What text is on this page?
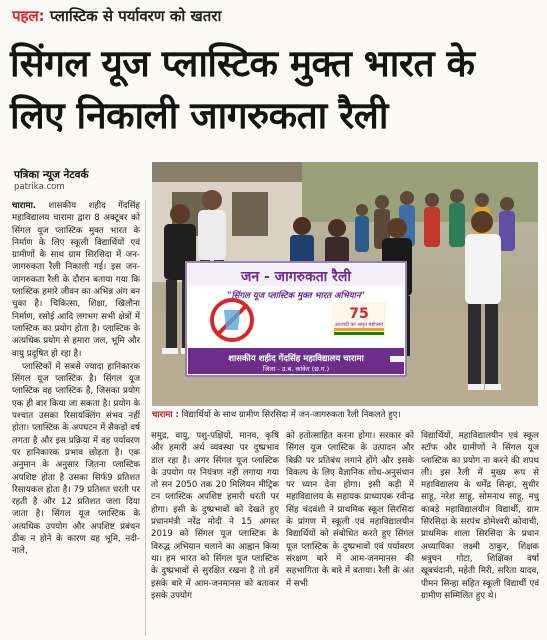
पहल: प्लास्टिक से पर्यावरण को खतरा
सिंगल यूज प्लास्टिक मुक्त भारत के लिए निकाली जागरुकता रैली
पत्रिका न्यूज नेटवर्क
patrika.com

चारामा. शासकीय शहीद गेंदसिंह महाविद्यालय चारामा द्वारा 8 अक्टूबर को सिंगल यूज प्लास्टिक मुक्त भारत के निर्माण के लिए स्कूली विद्यार्थियों एवं ग्रामीणों के साथ ग्राम सिरसिदा में जन-जागरुकता रैली निकाली गई। इस जन-जागरुकता रैली के दौरान बताया गया कि प्लास्टिक हमारे जीवन का अभिन्न अंग बन चुका है। चिकित्सा, शिक्षा, खिलौना निर्माण, रसोई आदि लगभग सभी क्षेत्रों में प्लास्टिक का प्रयोग होता है। प्लास्टिक के अत्यधिक प्रयोग से हमारा जल, भूमि और वायु प्रदूषित हो रहा है।

प्लास्टिकों में सबसे ज्यादा हानिकारक सिंगल यूज प्लास्टिक है। सिंगल यूज प्लास्टिक वह प्लास्टिक है, जिसका प्रयोग एक ही बार किया जा सकता है। प्रयोग के पश्चात उसका रिसायक्लिंग संभव नहीं होता। प्लास्टिक के अपघटन में सैकड़ों वर्ष लगता है और इस प्रक्रिया में वह पर्यावरण पर हानिकारक प्रभाव छोड़ता है। एक अनुमान के अनुसार जितना प्लास्टिक अपशिष्ट होता है उसका सिर्फ9 प्रतिशत रिसायकल होता है। 79 प्रतिशत धरती पर रहती है और 12 प्रतिशत जला दिया जाता है। सिंगल यूज प्लास्टिक के अत्यधिक उपयोग और अपशिष्ट प्रबंधन ठीक न होने के कारण यह भूमि, नदी-नाले,

जन - जागरुकता रैली
"सिंगल यूज प्लास्टिक मुक्त भारत अभियान"
75
आजादी का अमृत महोत्सव
शासकीय शहीद गेंदसिंह महाविद्यालय चारामा
जिला - उ.ब. कांकेर (छ.ग.)
चारामा : विद्यार्थियों के साथ ग्रामीण सिरसिदा में जन-जागरुकता रैली निकलते हुए।

समुद्र, वायु, पशु-पक्षियों, मानव, कृषि और हमारी अर्थ व्यवस्था पर दुष्प्रभाव डाल रहा है। अगर सिंगल यूज प्लास्टिक के उपयोग पर नियंत्रण नहीं लगाया गया तो सन 2050 तक 20 मिलियन मीट्रिक टन प्लास्टिक अपशिष्ट हमारी धरती पर होगा। इसी के दुष्प्रभावों को देखते हुए प्रधानमंत्री नरेंद्र मोदी ने 15 अगस्त 2019 को सिंगल यूज प्लास्टिक के विरुद्ध अभियान चलाने का आह्वान किया था। हम भारत को सिंगल यूज प्लास्टिक के दुष्प्रभावों से सुरक्षित रखना है तो हमें इसके बारे में आम-जनमानस को बताकर इसके उपयोग

को हतोत्साहित करना होगा। सरकार को सिंगल यूज प्लास्टिक के उत्पादन और बिक्री पर प्रतिबंध लगाने होंगे और इसके विकल्प के लिए वैज्ञानिक शोध-अनुसंधान पर ध्यान देना होगा। इसी कड़ी में महाविद्यालय के सहायक प्राध्यापक रवीन्द्र सिंह चंदवंशी ने प्राथमिक स्कूल सिरसिदा के प्रांगण में स्कूली एवं महाविद्यालयीन विद्यार्थियों को संबोधित करते हुए सिंगल यूज प्लास्टिक के दुष्प्रभावों एवं पर्यावरण संरक्षण बारे में आम-जनमानस की सहभागिता के बारे में बताया। रैली के अंत में सभी

विद्यार्थियों, महाविद्यालयीन एवं स्कूल स्टॉफ और ग्रामीणों ने सिंगल यूज प्लास्टिक का प्रयोग ना करने की शपथ ली। इस रैली में मुख्य रूप से महाविद्यालय के धर्मेंद्र सिन्हा, सुधीर साहू, नरेश साहू, सोमनाथ साहू, मधु काबड़े महाविद्यालयीन विद्यार्थी, ग्राम सिरसिदा के सरपंच डोमेश्वरी कोवाची, प्राथमिक शाला सिरसिदा के प्रधान अध्यापिका लक्ष्मी ठाकुर, शिक्षक श्रत्रुघन गोटा, शिक्षिका वर्षा खूबचंदानी, महेती मिरी, सरिता यादव, पीमन सिन्हा सहित स्कूली विद्यार्थी एवं ग्रामीण सम्मिलित हुए थे।
